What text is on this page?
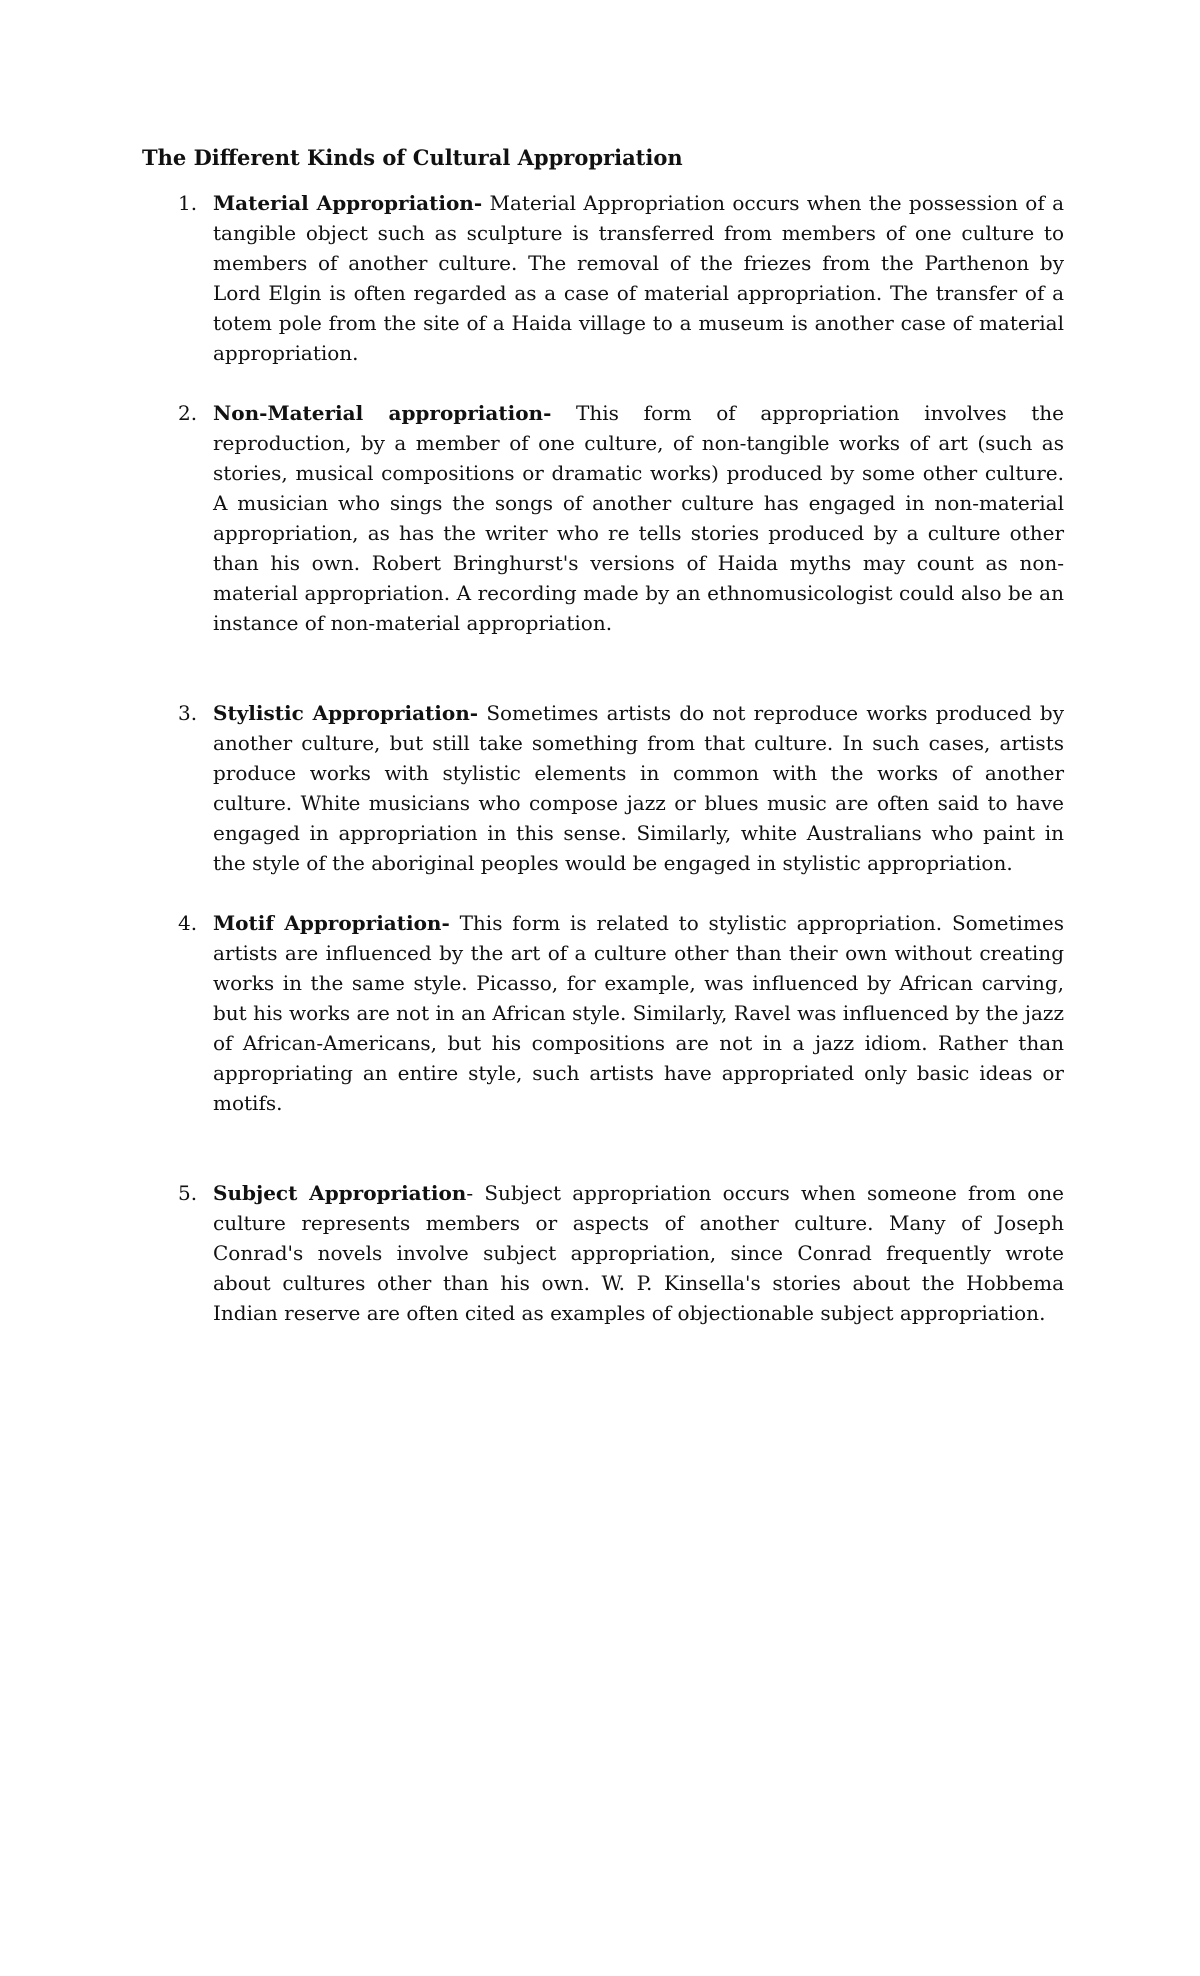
The Different Kinds of Cultural Appropriation
1. Material Appropriation- Material Appropriation occurs when the possession of a tangible object such as sculpture is transferred from members of one culture to members of another culture. The removal of the friezes from the Parthenon by Lord Elgin is often regarded as a case of material appropriation. The transfer of a totem pole from the site of a Haida village to a museum is another case of material appropriation.
2. Non-Material appropriation- This form of appropriation involves the reproduction, by a member of one culture, of non-tangible works of art (such as stories, musical compositions or dramatic works) produced by some other culture. A musician who sings the songs of another culture has engaged in non-material appropriation, as has the writer who re tells stories produced by a culture other than his own. Robert Bringhurst's versions of Haida myths may count as non-material appropriation. A recording made by an ethnomusicologist could also be an instance of non-material appropriation.
3. Stylistic Appropriation- Sometimes artists do not reproduce works produced by another culture, but still take something from that culture. In such cases, artists produce works with stylistic elements in common with the works of another culture. White musicians who compose jazz or blues music are often said to have engaged in appropriation in this sense. Similarly, white Australians who paint in the style of the aboriginal peoples would be engaged in stylistic appropriation.
4. Motif Appropriation- This form is related to stylistic appropriation. Sometimes artists are influenced by the art of a culture other than their own without creating works in the same style. Picasso, for example, was influenced by African carving, but his works are not in an African style. Similarly, Ravel was influenced by the jazz of African-Americans, but his compositions are not in a jazz idiom. Rather than appropriating an entire style, such artists have appropriated only basic ideas or motifs.
5. Subject Appropriation- Subject appropriation occurs when someone from one culture represents members or aspects of another culture. Many of Joseph Conrad's novels involve subject appropriation, since Conrad frequently wrote about cultures other than his own. W. P. Kinsella's stories about the Hobbema Indian reserve are often cited as examples of objectionable subject appropriation.
